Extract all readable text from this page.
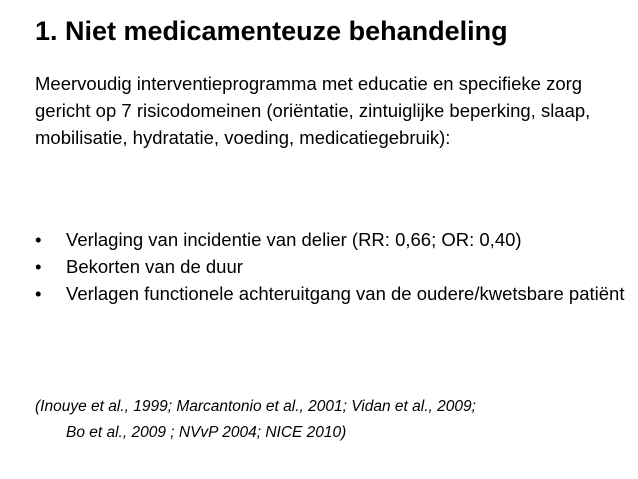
1. Niet medicamenteuze behandeling

Meervoudig interventieprogramma met educatie en specifieke zorg gericht op 7 risicodomeinen (oriëntatie, zintuiglijke beperking, slaap, mobilisatie, hydratatie, voeding, medicatiegebruik):

•	Verlaging van incidentie van delier (RR: 0,66; OR: 0,40)
•	Bekorten van de duur
•	Verlagen functionele achteruitgang van de oudere/kwetsbare patiënt

(Inouye et al., 1999; Marcantonio et al., 2001; Vidan et al., 2009;
Bo et al., 2009 ; NVvP 2004; NICE 2010)
